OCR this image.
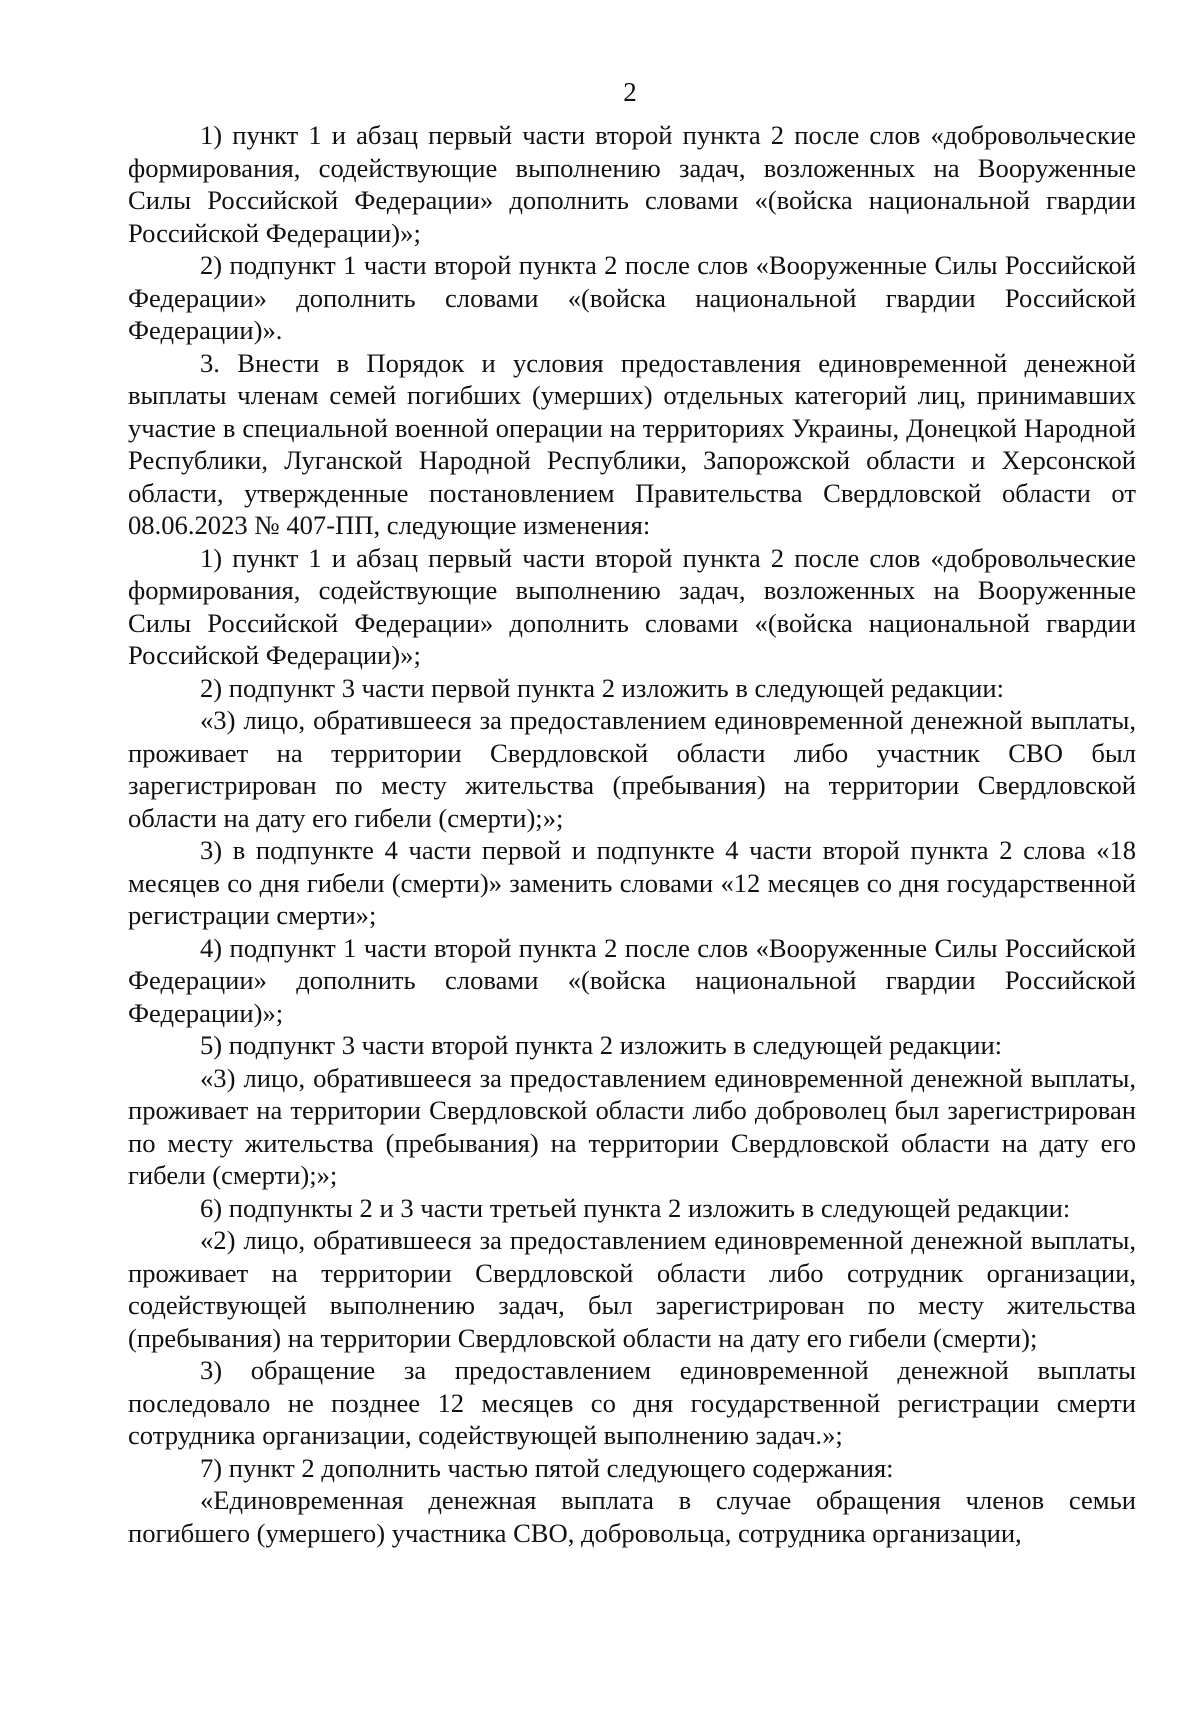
2

1) пункт 1 и абзац первый части второй пункта 2 после слов «добровольческие формирования, содействующие выполнению задач, возложенных на Вооруженные Силы Российской Федерации» дополнить словами «(войска национальной гвардии Российской Федерации)»;

2) подпункт 1 части второй пункта 2 после слов «Вооруженные Силы Российской Федерации» дополнить словами «(войска национальной гвардии Российской Федерации)».

3. Внести в Порядок и условия предоставления единовременной денежной выплаты членам семей погибших (умерших) отдельных категорий лиц, принимавших участие в специальной военной операции на территориях Украины, Донецкой Народной Республики, Луганской Народной Республики, Запорожской области и Херсонской области, утвержденные постановлением Правительства Свердловской области от 08.06.2023 № 407-ПП, следующие изменения:

1) пункт 1 и абзац первый части второй пункта 2 после слов «добровольческие формирования, содействующие выполнению задач, возложенных на Вооруженные Силы Российской Федерации» дополнить словами «(войска национальной гвардии Российской Федерации)»;

2) подпункт 3 части первой пункта 2 изложить в следующей редакции:

«3) лицо, обратившееся за предоставлением единовременной денежной выплаты, проживает на территории Свердловской области либо участник СВО был зарегистрирован по месту жительства (пребывания) на территории Свердловской области на дату его гибели (смерти);»;

3) в подпункте 4 части первой и подпункте 4 части второй пункта 2 слова «18 месяцев со дня гибели (смерти)» заменить словами «12 месяцев со дня государственной регистрации смерти»;

4) подпункт 1 части второй пункта 2 после слов «Вооруженные Силы Российской Федерации» дополнить словами «(войска национальной гвардии Российской Федерации)»;

5) подпункт 3 части второй пункта 2 изложить в следующей редакции:

«3) лицо, обратившееся за предоставлением единовременной денежной выплаты, проживает на территории Свердловской области либо доброволец был зарегистрирован по месту жительства (пребывания) на территории Свердловской области на дату его гибели (смерти);»;

6) подпункты 2 и 3 части третьей пункта 2 изложить в следующей редакции:

«2) лицо, обратившееся за предоставлением единовременной денежной выплаты, проживает на территории Свердловской области либо сотрудник организации, содействующей выполнению задач, был зарегистрирован по месту жительства (пребывания) на территории Свердловской области на дату его гибели (смерти);

3) обращение за предоставлением единовременной денежной выплаты последовало не позднее 12 месяцев со дня государственной регистрации смерти сотрудника организации, содействующей выполнению задач.»;

7) пункт 2 дополнить частью пятой следующего содержания:

«Единовременная денежная выплата в случае обращения членов семьи погибшего (умершего) участника СВО, добровольца, сотрудника организации,
